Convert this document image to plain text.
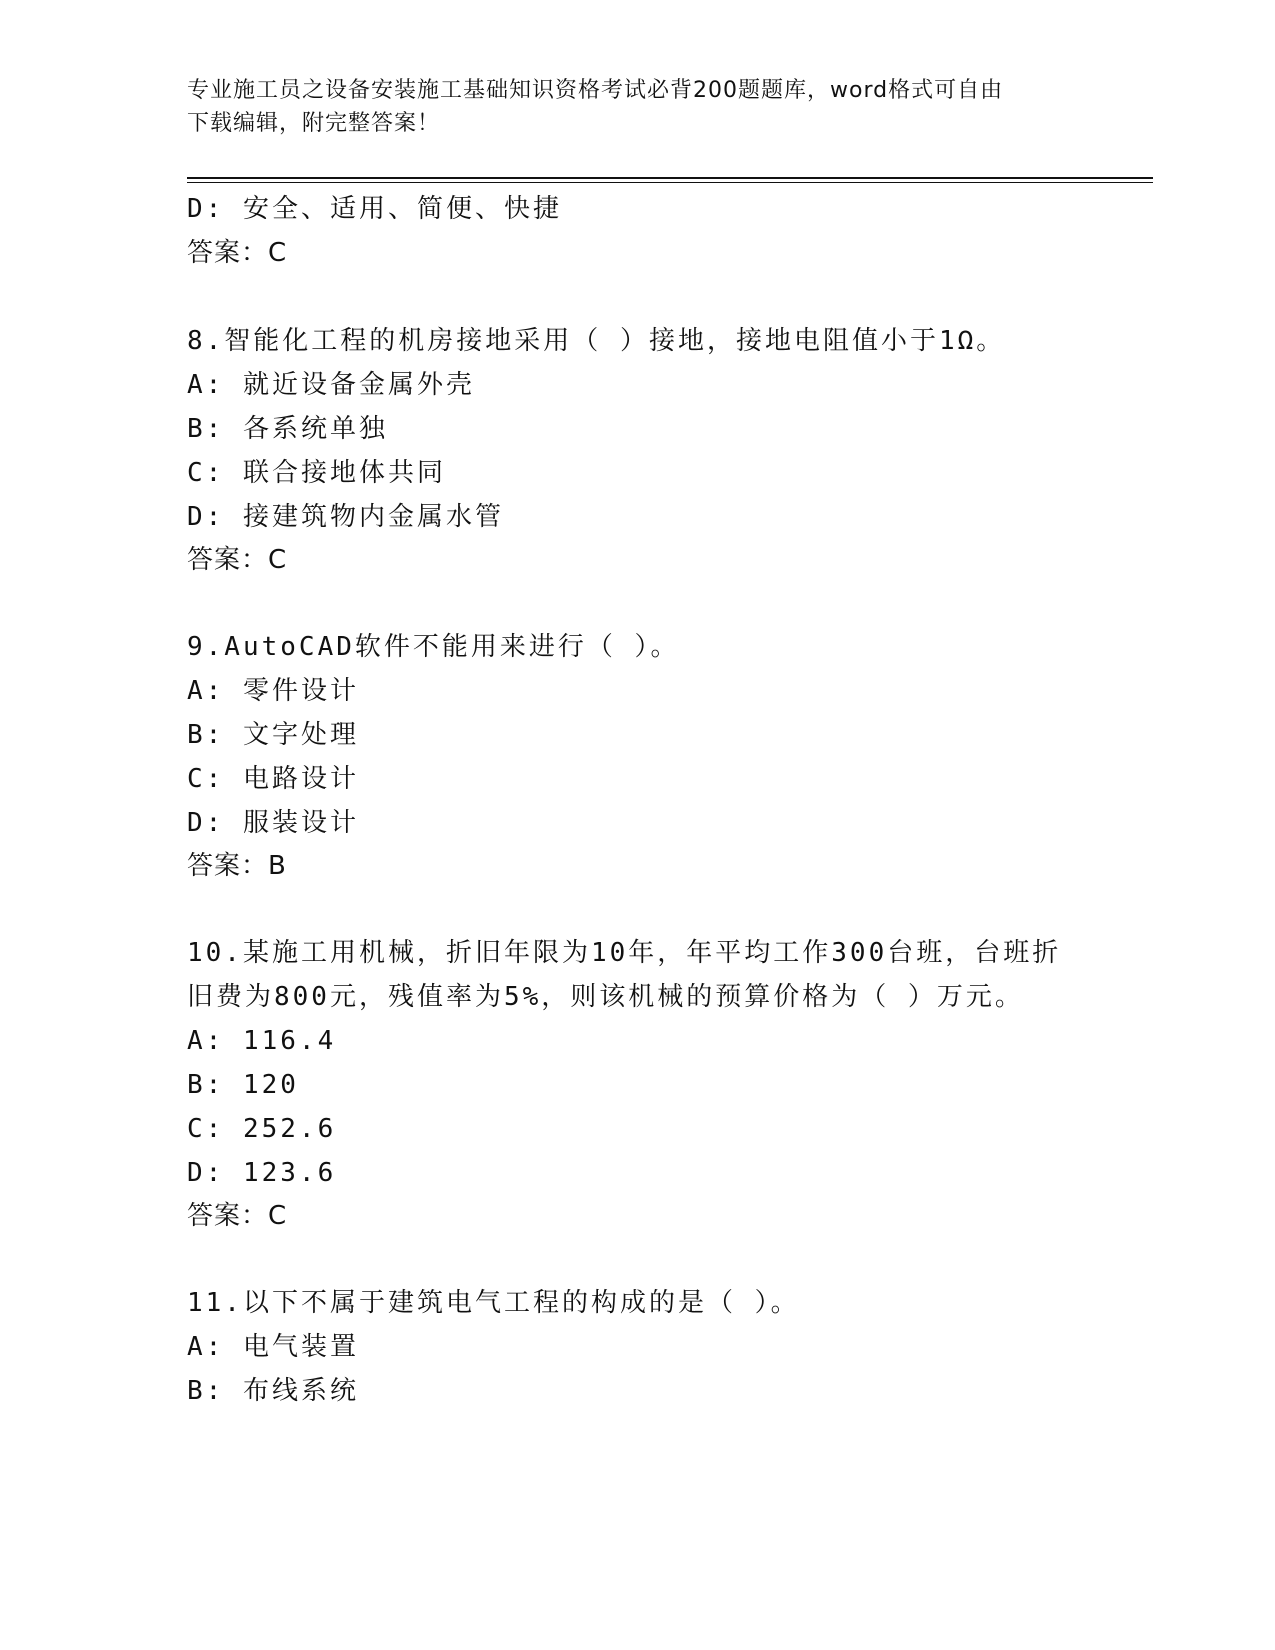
专业施工员之设备安装施工基础知识资格考试必背200题题库，word格式可自由
下载编辑，附完整答案！
D: 安全、适用、简便、快捷
答案：C
8.智能化工程的机房接地采用（ ）接地，接地电阻值小于1Ω。
A: 就近设备金属外壳
B: 各系统单独
C: 联合接地体共同
D: 接建筑物内金属水管
答案：C
9.AutoCAD软件不能用来进行（ ）。
A: 零件设计
B: 文字处理
C: 电路设计
D: 服装设计
答案：B
10.某施工用机械，折旧年限为10年，年平均工作300台班，台班折
旧费为800元，残值率为5%，则该机械的预算价格为（ ）万元。
A: 116.4
B: 120
C: 252.6
D: 123.6
答案：C
11.以下不属于建筑电气工程的构成的是（ ）。
A: 电气装置
B: 布线系统
